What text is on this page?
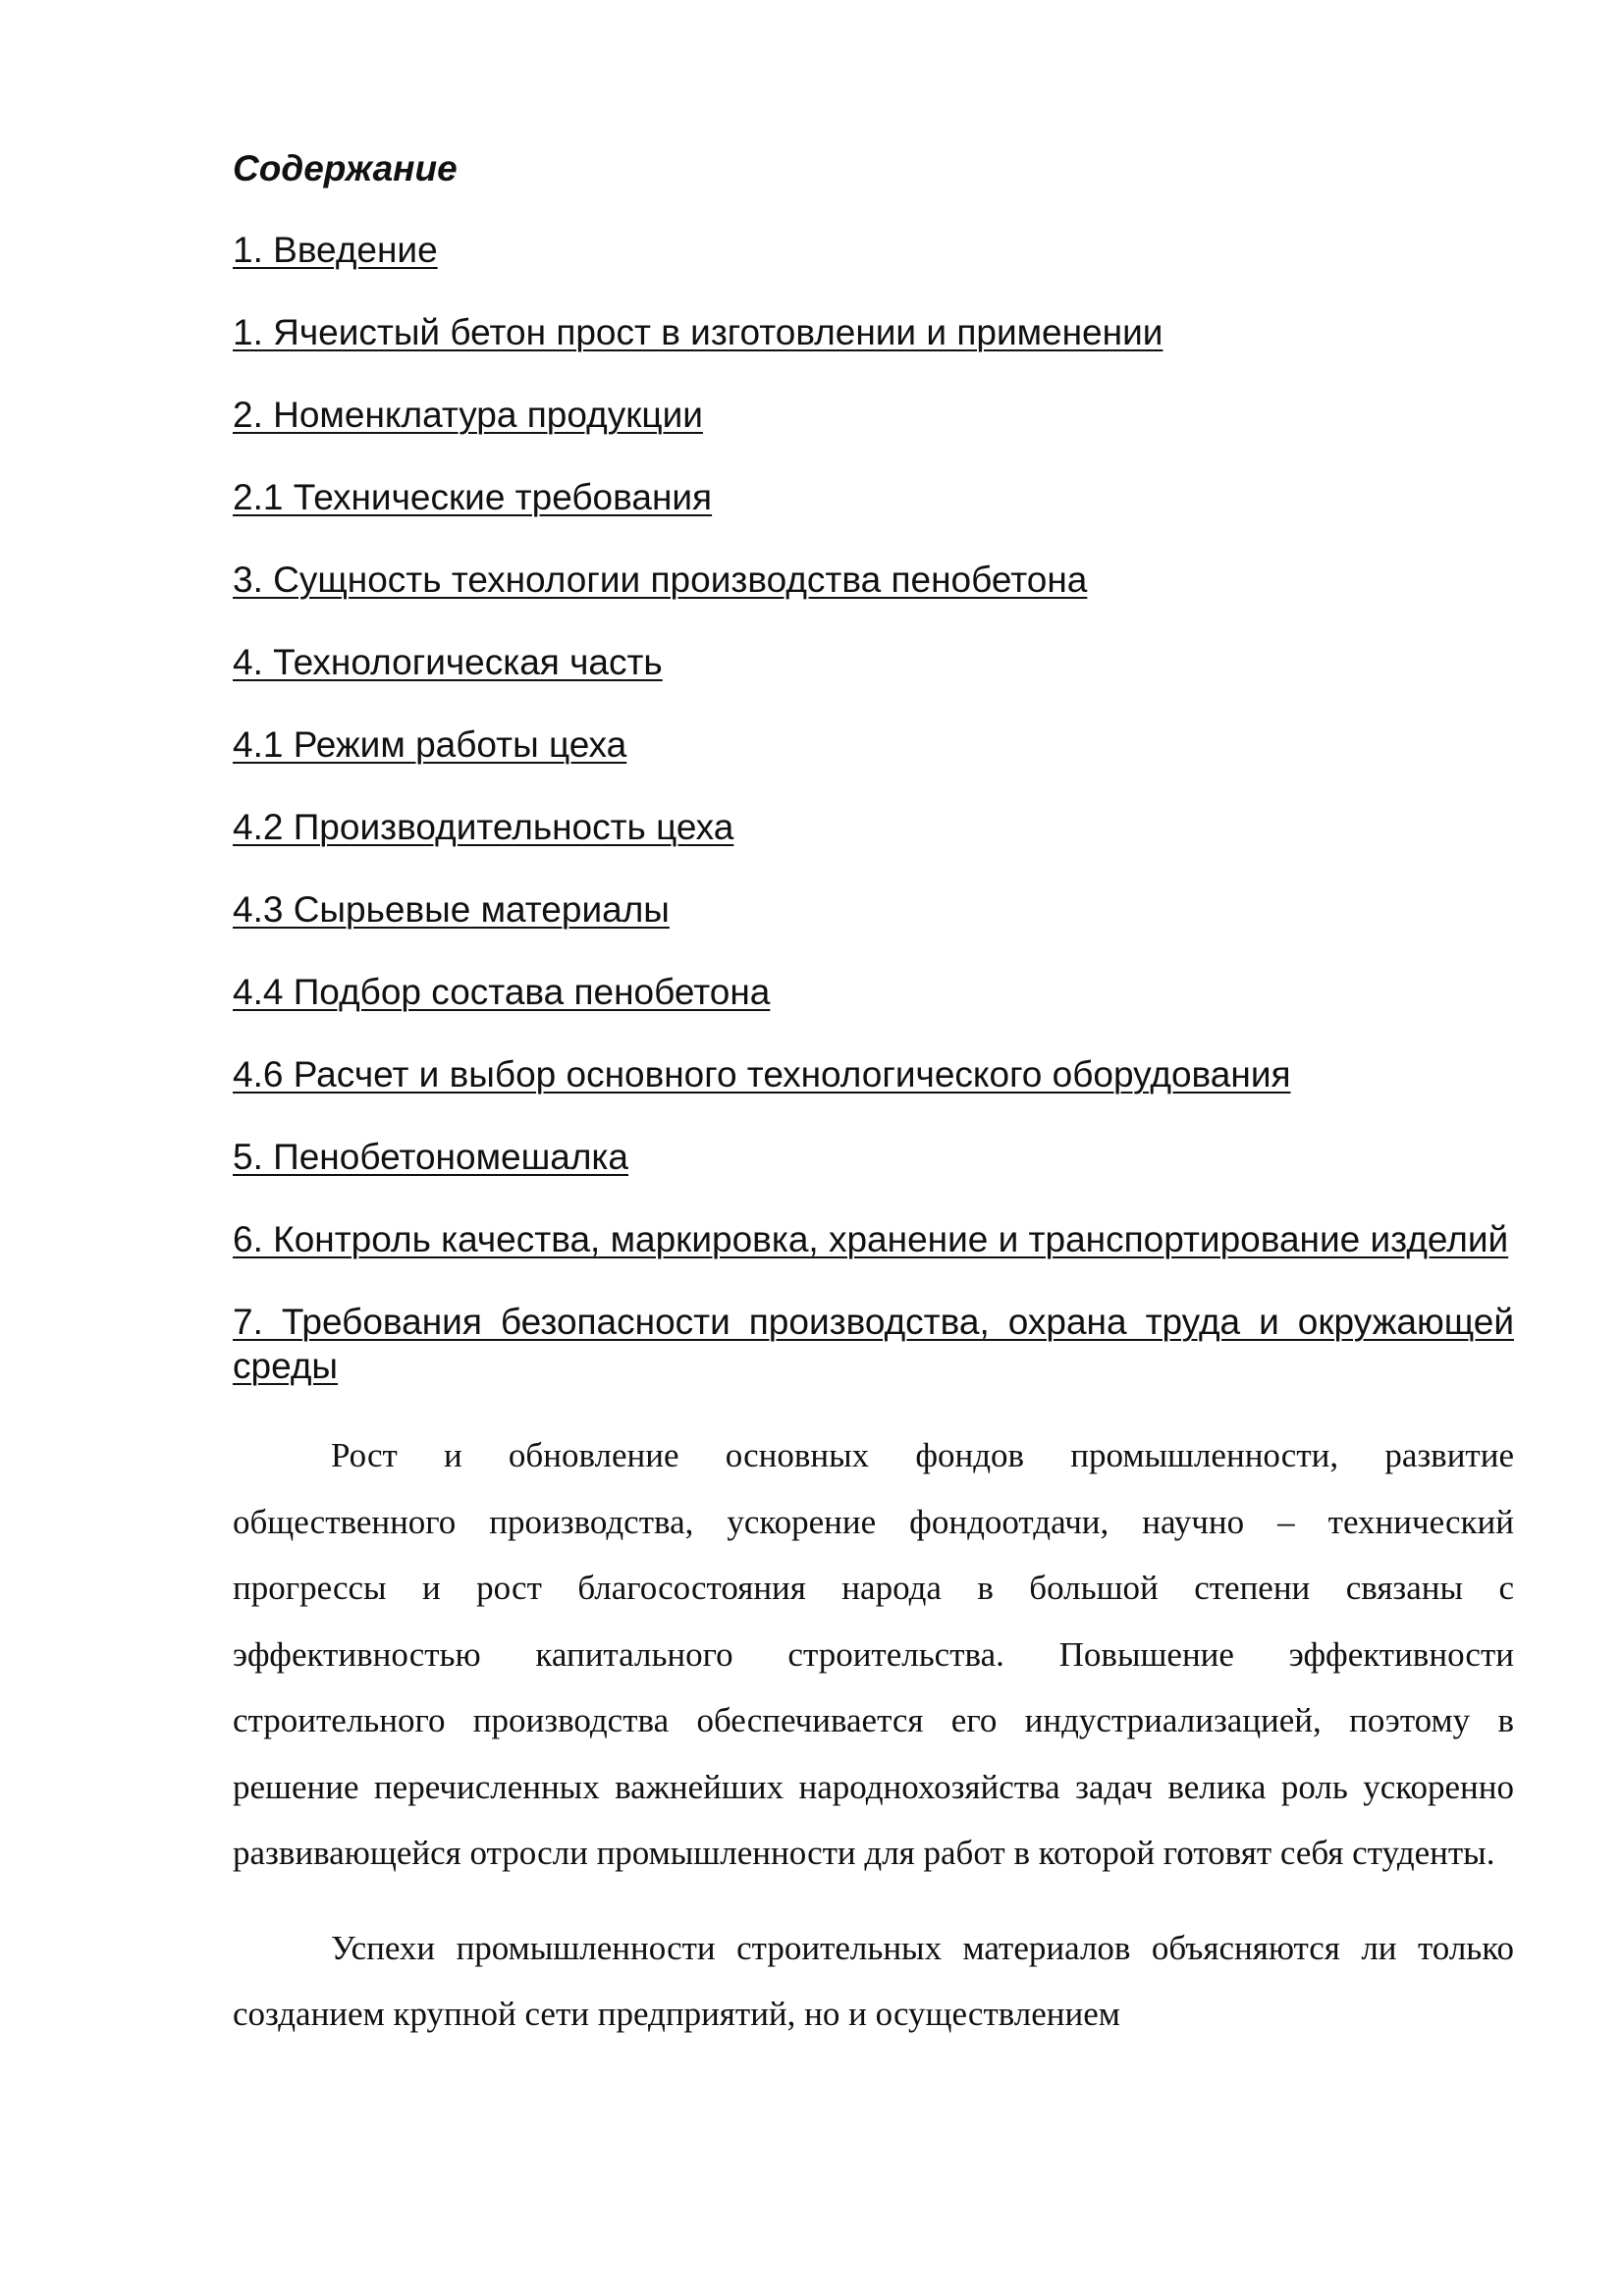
Содержание
1. Введение
1. Ячеистый бетон прост в изготовлении и применении
2. Номенклатура продукции
2.1 Технические требования
3. Сущность технологии производства пенобетона
4. Технологическая часть
4.1 Режим работы цеха
4.2 Производительность цеха
4.3 Сырьевые материалы
4.4 Подбор состава пенобетона
4.6 Расчет и выбор основного технологического оборудования
5. Пенобетономешалка
6. Контроль качества, маркировка, хранение и транспортирование изделий
7. Требования безопасности производства, охрана труда и окружающей среды

Рост и обновление основных фондов промышленности, развитие общественного производства, ускорение фондоотдачи, научно – технический прогрессы и рост благосостояния народа в большой степени связаны с эффективностью капитального строительства. Повышение эффективности строительного производства обеспечивается его индустриализацией, поэтому в решение перечисленных важнейших народнохозяйства задач велика роль ускоренно развивающейся отросли промышленности для работ в которой готовят себя студенты.

Успехи промышленности строительных материалов объясняются ли только созданием крупной сети предприятий, но и осуществлением
